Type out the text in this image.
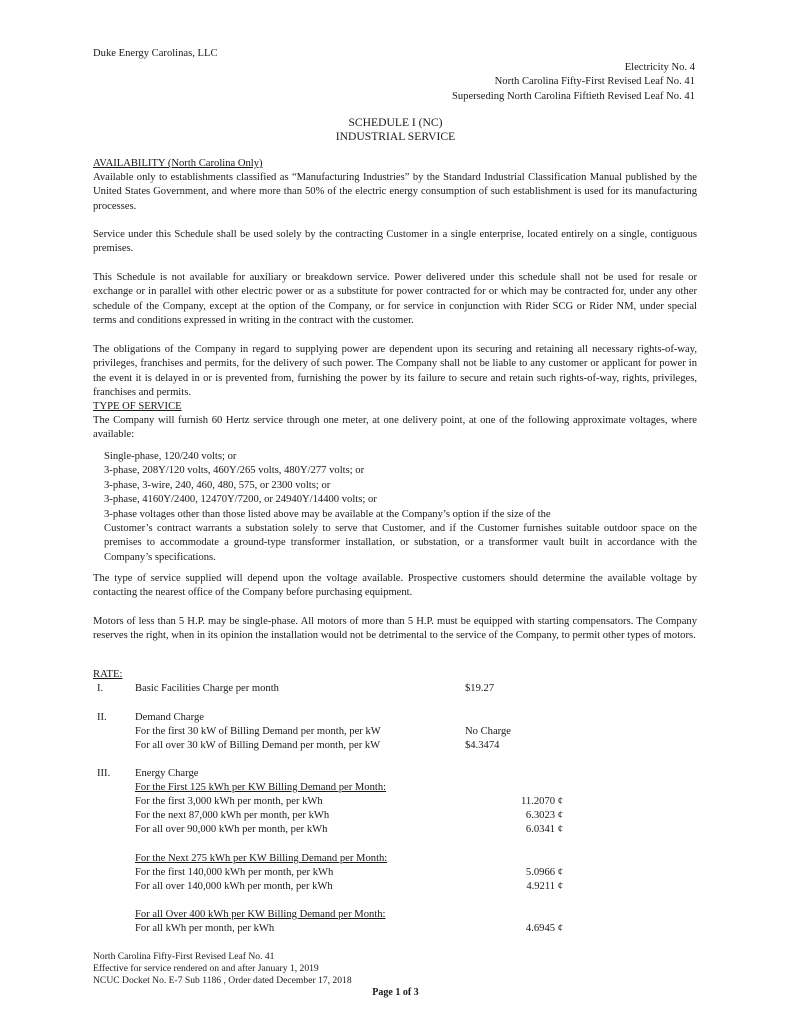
Duke Energy Carolinas, LLC
Electricity No. 4
North Carolina Fifty-First Revised Leaf No. 41
Superseding North Carolina Fiftieth Revised Leaf No. 41
SCHEDULE I (NC)
INDUSTRIAL SERVICE
AVAILABILITY (North Carolina Only)
Available only to establishments classified as “Manufacturing Industries” by the Standard Industrial Classification Manual published by the United States Government, and where more than 50% of the electric energy consumption of such establishment is used for its manufacturing processes.
Service under this Schedule shall be used solely by the contracting Customer in a single enterprise, located entirely on a single, contiguous premises.
This Schedule is not available for auxiliary or breakdown service. Power delivered under this schedule shall not be used for resale or exchange or in parallel with other electric power or as a substitute for power contracted for or which may be contracted for, under any other schedule of the Company, except at the option of the Company, or for service in conjunction with Rider SCG or Rider NM, under special terms and conditions expressed in writing in the contract with the customer.
The obligations of the Company in regard to supplying power are dependent upon its securing and retaining all necessary rights-of-way, privileges, franchises and permits, for the delivery of such power. The Company shall not be liable to any customer or applicant for power in the event it is delayed in or is prevented from, furnishing the power by its failure to secure and retain such rights-of-way, rights, privileges, franchises and permits.
TYPE OF SERVICE
The Company will furnish 60 Hertz service through one meter, at one delivery point, at one of the following approximate voltages, where available:
Single-phase, 120/240 volts; or
3-phase, 208Y/120 volts, 460Y/265 volts, 480Y/277 volts; or
3-phase, 3-wire, 240, 460, 480, 575, or 2300 volts; or
3-phase, 4160Y/2400, 12470Y/7200, or 24940Y/14400 volts; or
3-phase voltages other than those listed above may be available at the Company’s option if the size of the
Customer’s contract warrants a substation solely to serve that Customer, and if the Customer furnishes suitable outdoor space on the premises to accommodate a ground-type transformer installation, or substation, or a transformer vault built in accordance with the Company’s specifications.
The type of service supplied will depend upon the voltage available. Prospective customers should determine the available voltage by contacting the nearest office of the Company before purchasing equipment.
Motors of less than 5 H.P. may be single-phase. All motors of more than 5 H.P. must be equipped with starting compensators. The Company reserves the right, when in its opinion the installation would not be detrimental to the service of the Company, to permit other types of motors.
RATE:
I.	Basic Facilities Charge per month	$19.27
II.	Demand Charge
For the first 30 kW of Billing Demand per month, per kW	No Charge
For all over 30 kW of Billing Demand per month, per kW	$4.3474
III. Energy Charge
For the First 125 kWh per KW Billing Demand per Month:
For the first 3,000 kWh per month, per kWh	11.2070 ¢
For the next 87,000 kWh per month, per kWh	6.3023 ¢
For all over 90,000 kWh per month, per kWh	6.0341 ¢
For the Next 275 kWh per KW Billing Demand per Month:
For the first 140,000 kWh per month, per kWh	5.0966 ¢
For all over 140,000 kWh per month, per kWh	4.9211 ¢
For all Over 400 kWh per KW Billing Demand per Month:
For all kWh per month, per kWh	4.6945 ¢
North Carolina Fifty-First Revised Leaf No. 41
Effective for service rendered on and after January 1, 2019
NCUC Docket No. E-7 Sub 1186 , Order dated December 17, 2018
Page 1 of 3
